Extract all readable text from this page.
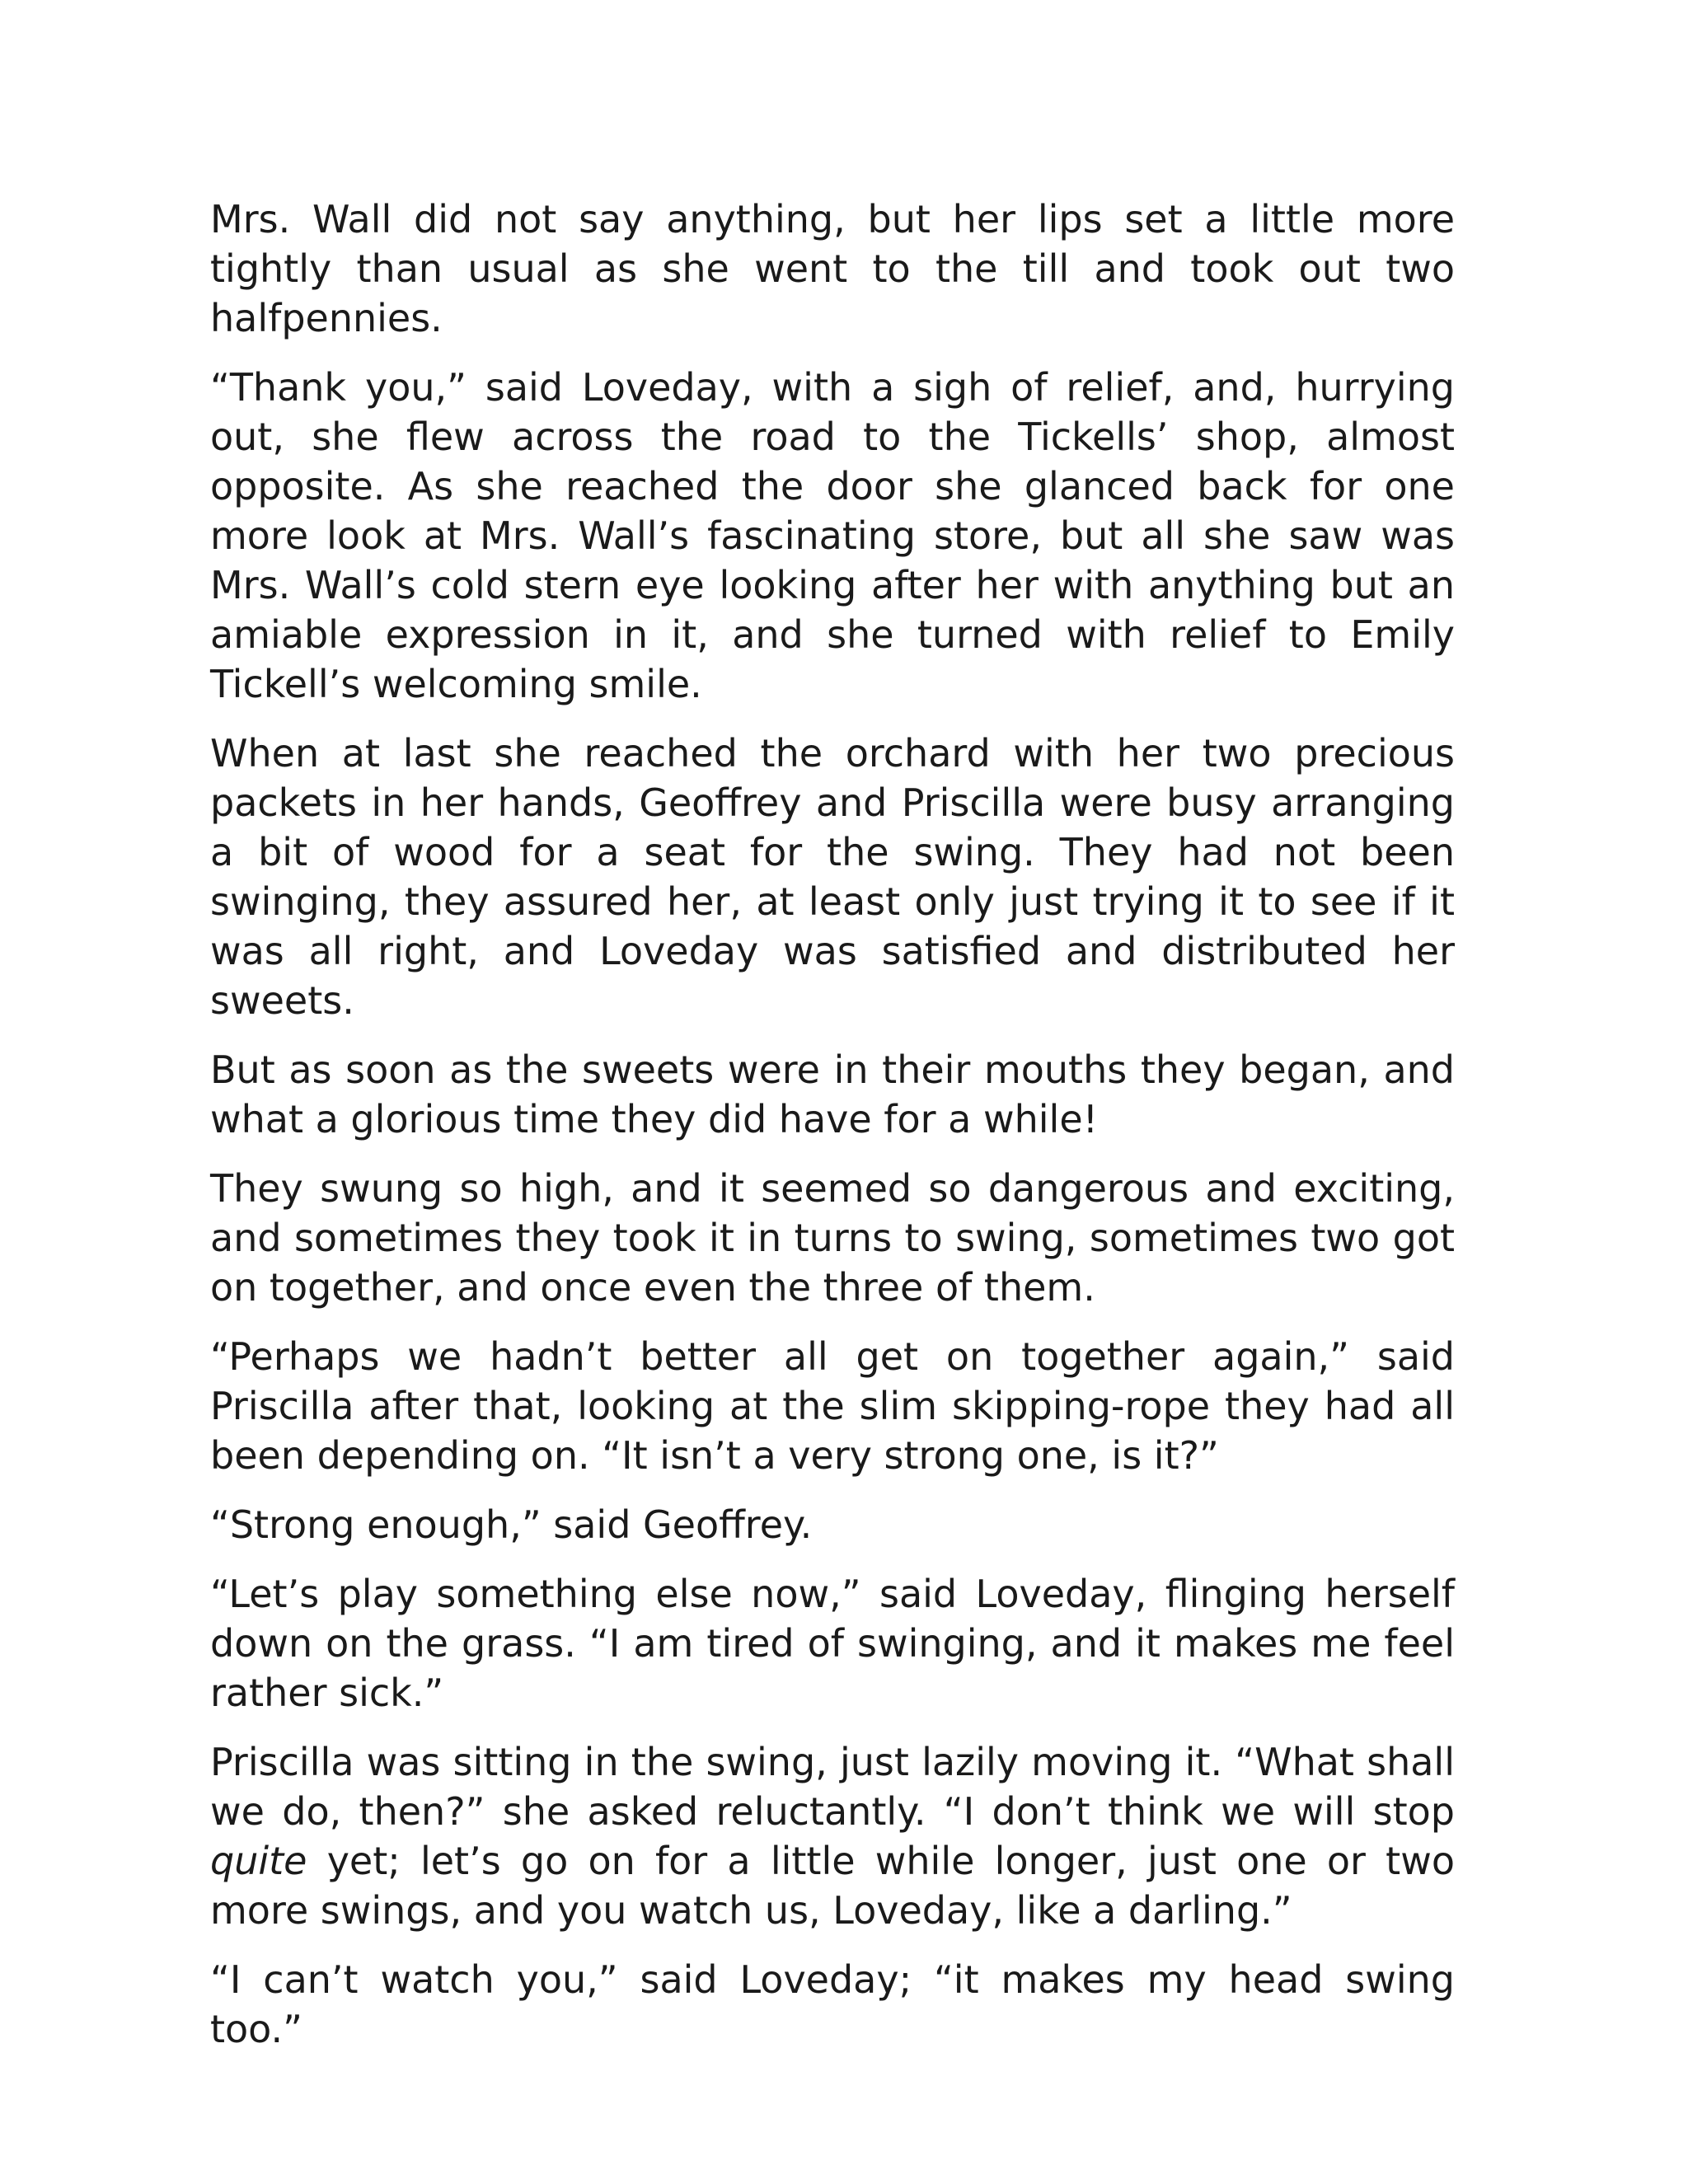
Mrs. Wall did not say anything, but her lips set a little more tightly than usual as she went to the till and took out two halfpennies.

“Thank you,” said Loveday, with a sigh of relief, and, hurrying out, she flew across the road to the Tickells’ shop, almost opposite. As she reached the door she glanced back for one more look at Mrs. Wall’s fascinating store, but all she saw was Mrs. Wall’s cold stern eye looking after her with anything but an amiable expression in it, and she turned with relief to Emily Tickell’s welcoming smile.

When at last she reached the orchard with her two precious packets in her hands, Geoffrey and Priscilla were busy arranging a bit of wood for a seat for the swing. They had not been swinging, they assured her, at least only just trying it to see if it was all right, and Loveday was satisfied and distributed her sweets.

But as soon as the sweets were in their mouths they began, and what a glorious time they did have for a while!

They swung so high, and it seemed so dangerous and exciting, and sometimes they took it in turns to swing, sometimes two got on together, and once even the three of them.

“Perhaps we hadn’t better all get on together again,” said Priscilla after that, looking at the slim skipping-rope they had all been depending on. “It isn’t a very strong one, is it?”

“Strong enough,” said Geoffrey.

“Let’s play something else now,” said Loveday, flinging herself down on the grass. “I am tired of swinging, and it makes me feel rather sick.”

Priscilla was sitting in the swing, just lazily moving it. “What shall we do, then?” she asked reluctantly. “I don’t think we will stop quite yet; let’s go on for a little while longer, just one or two more swings, and you watch us, Loveday, like a darling.”

“I can’t watch you,” said Loveday; “it makes my head swing too.”
